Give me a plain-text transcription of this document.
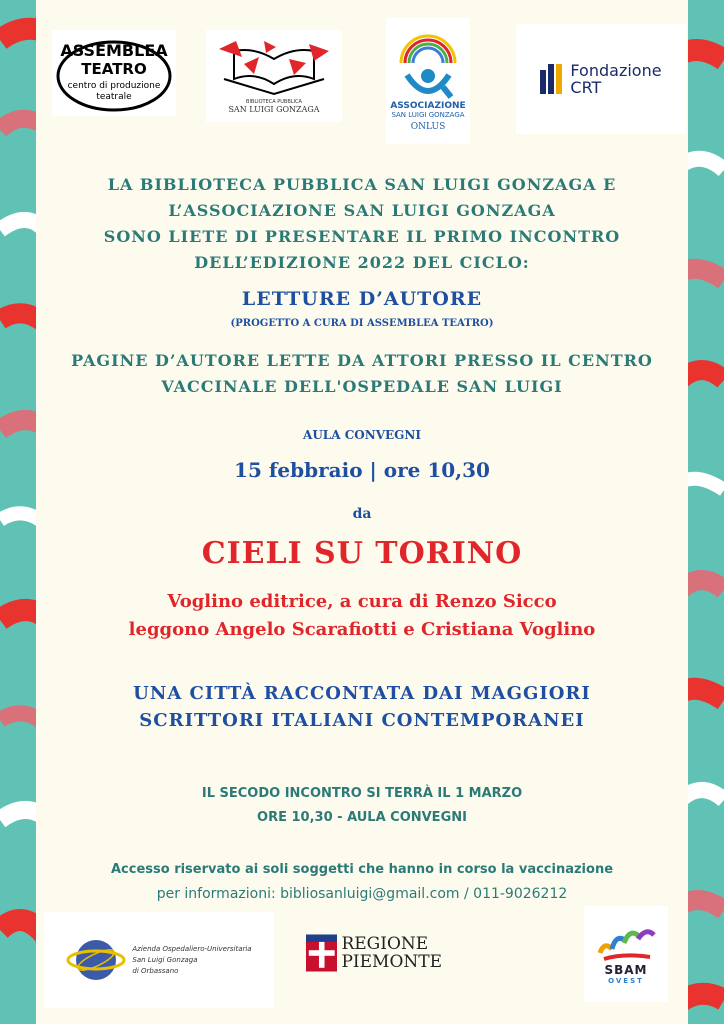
ASSEMBLEA
TEATRO
centro di produzione
teatrale	BIBLIOTECA PUBBLICA
SAN LUIGI GONZAGA	ASSOCIAZIONE
SAN LUIGI GONZAGA
ONLUS
Fondazione
CRT
LA BIBLIOTECA PUBBLICA SAN LUIGI GONZAGA E
L’ASSOCIAZIONE SAN LUIGI GONZAGA
SONO LIETE DI PRESENTARE IL PRIMO INCONTRO
DELL’EDIZIONE 2022 DEL CICLO:
LETTURE D’AUTORE
(PROGETTO A CURA DI ASSEMBLEA TEATRO)
PAGINE D’AUTORE LETTE DA ATTORI PRESSO IL CENTRO
VACCINALE DELL'OSPEDALE SAN LUIGI
AULA CONVEGNI
15 febbraio | ore 10,30
da
CIELI SU TORINO
Voglino editrice, a cura di Renzo Sicco
leggono Angelo Scarafiotti e Cristiana Voglino
UNA CITTÀ RACCONTATA DAI MAGGIORI
SCRITTORI ITALIANI CONTEMPORANEI
IL SECODO INCONTRO SI TERRÀ IL 1 MARZO
ORE 10,30 - AULA CONVEGNI
Accesso riservato ai soli soggetti che hanno in corso la vaccinazione
per informazioni: bibliosanluigi@gmail.com / 011-9026212
Azienda Ospedaliero-Universitaria
San Luigi Gonzaga
di Orbassano
REGIONE
PIEMONTE	SBAM
OVEST
